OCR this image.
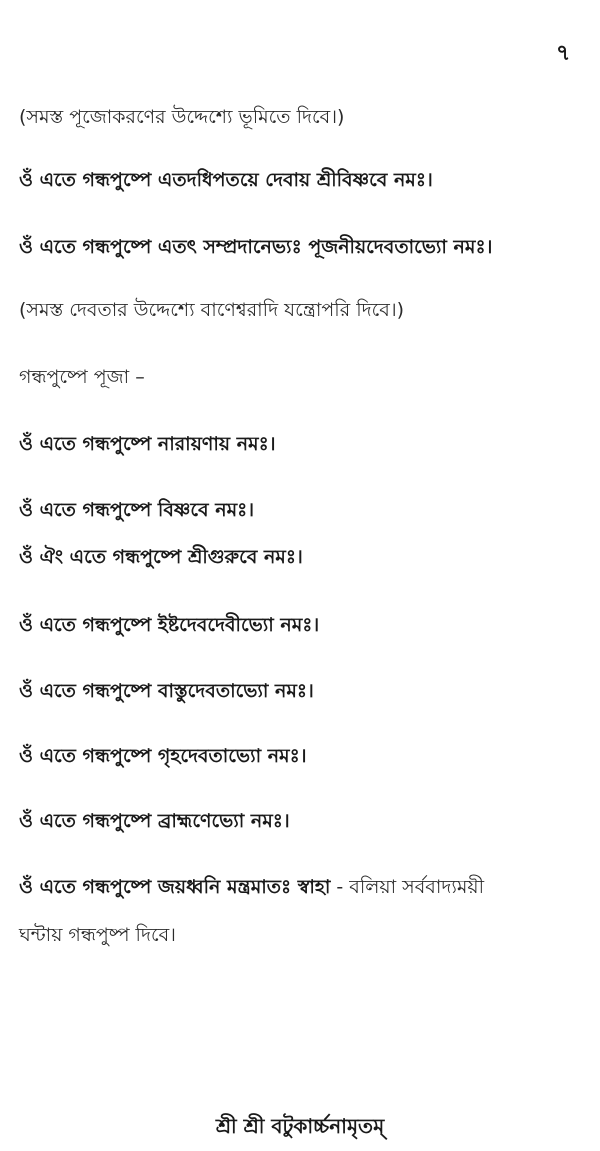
৭
(সমস্ত পূজোকরণের উদ্দেশ্যে ভূমিতে দিবে।)
ওঁ এতে গন্ধপুষ্পে এতদধিপতয়ে দেবায় শ্রীবিষ্ণবে নমঃ।
ওঁ এতে গন্ধপুষ্পে এতৎ সম্প্রদানেভ্যঃ পূজনীয়দেবতাভ্যো নমঃ।
(সমস্ত দেবতার উদ্দেশ্যে বাণেশ্বরাদি যন্ত্রোপরি দিবে।)
গন্ধপুষ্পে পূজা –
ওঁ এতে গন্ধপুষ্পে নারায়ণায় নমঃ।
ওঁ এতে গন্ধপুষ্পে বিষ্ণবে নমঃ।
ওঁ ঐং এতে গন্ধপুষ্পে শ্রীগুরুবে নমঃ।
ওঁ এতে গন্ধপুষ্পে ইষ্টদেবদেবীভ্যো নমঃ।
ওঁ এতে গন্ধপুষ্পে বাস্তুদেবতাভ্যো নমঃ।
ওঁ এতে গন্ধপুষ্পে গৃহদেবতাভ্যো নমঃ।
ওঁ এতে গন্ধপুষ্পে ব্রাহ্মণেভ্যো নমঃ।
ওঁ এতে গন্ধপুষ্পে জয়ধ্বনি মন্ত্রমাতঃ স্বাহা - বলিয়া সর্ববাদ্যময়ী
ঘন্টায় গন্ধপুষ্প দিবে।
শ্রী শ্রী বটুকার্চ্চনামৃতম্
